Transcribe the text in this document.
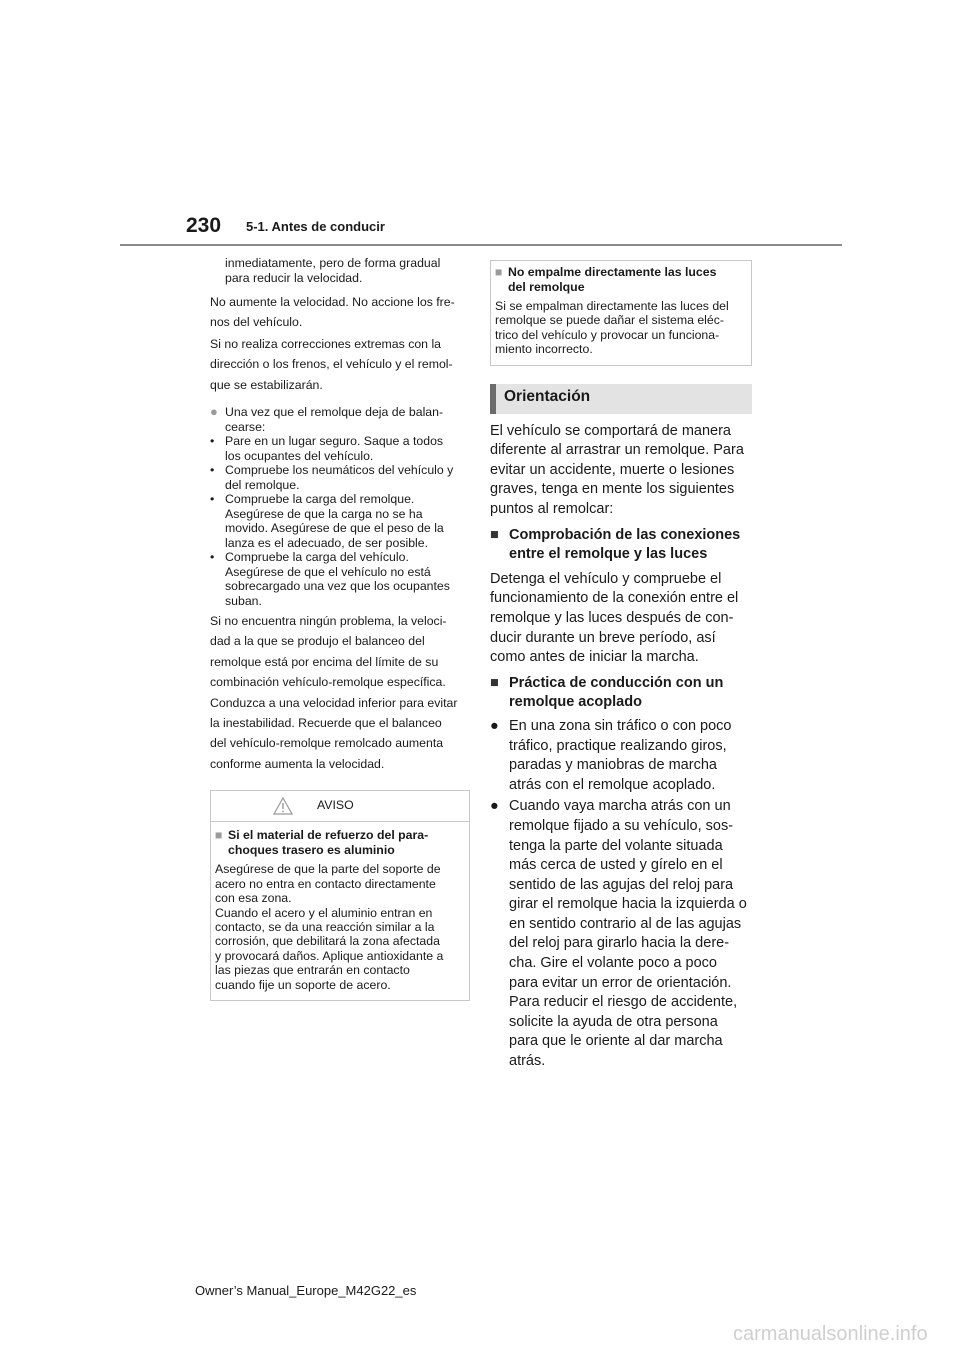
230 5-1. Antes de conducir
inmediatamente, pero de forma gradual
para reducir la velocidad.

No aumente la velocidad. No accione los fre-
nos del vehículo.

Si no realiza correcciones extremas con la
dirección o los frenos, el vehículo y el remol-
que se estabilizarán.

● Una vez que el remolque deja de balan-
cearse:
• Pare en un lugar seguro. Saque a todos
los ocupantes del vehículo.
• Compruebe los neumáticos del vehículo y
del remolque.
• Compruebe la carga del remolque.
Asegúrese de que la carga no se ha
movido. Asegúrese de que el peso de la
lanza es el adecuado, de ser posible.
• Compruebe la carga del vehículo.
Asegúrese de que el vehículo no está
sobrecargado una vez que los ocupantes
suban.

Si no encuentra ningún problema, la veloci-
dad a la que se produjo el balanceo del
remolque está por encima del límite de su
combinación vehículo-remolque específica.
Conduzca a una velocidad inferior para evitar
la inestabilidad. Recuerde que el balanceo
del vehículo-remolque remolcado aumenta
conforme aumenta la velocidad.

AVISO
■ Si el material de refuerzo del para-
choques trasero es aluminio

Asegúrese de que la parte del soporte de
acero no entra en contacto directamente
con esa zona.
Cuando el acero y el aluminio entran en
contacto, se da una reacción similar a la
corrosión, que debilitará la zona afectada
y provocará daños. Aplique antioxidante a
las piezas que entrarán en contacto
cuando fije un soporte de acero.

■ No empalme directamente las luces
del remolque

Si se empalman directamente las luces del
remolque se puede dañar el sistema eléc-
trico del vehículo y provocar un funciona-
miento incorrecto.

Orientación

El vehículo se comportará de manera
diferente al arrastrar un remolque. Para
evitar un accidente, muerte o lesiones
graves, tenga en mente los siguientes
puntos al remolcar:

■ Comprobación de las conexiones
entre el remolque y las luces

Detenga el vehículo y compruebe el
funcionamiento de la conexión entre el
remolque y las luces después de con-
ducir durante un breve período, así
como antes de iniciar la marcha.

■ Práctica de conducción con un
remolque acoplado
● En una zona sin tráfico o con poco
tráfico, practique realizando giros,
paradas y maniobras de marcha
atrás con el remolque acoplado.
● Cuando vaya marcha atrás con un
remolque fijado a su vehículo, sos-
tenga la parte del volante situada
más cerca de usted y gírelo en el
sentido de las agujas del reloj para
girar el remolque hacia la izquierda o
en sentido contrario al de las agujas
del reloj para girarlo hacia la dere-
cha. Gire el volante poco a poco
para evitar un error de orientación.
Para reducir el riesgo de accidente,
solicite la ayuda de otra persona
para que le oriente al dar marcha
atrás.
Owner’s Manual_Europe_M42G22_es
carmanualsonline.info
